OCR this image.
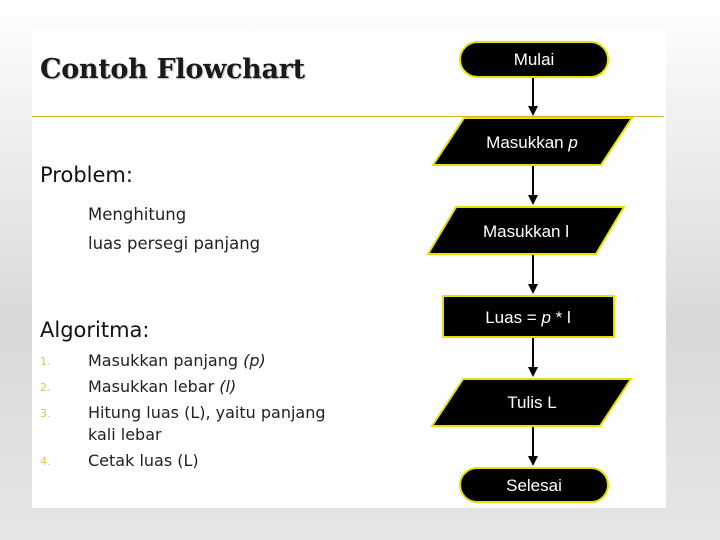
Contoh Flowchart
Problem:
Menghitung
luas persegi panjang
Algoritma:
1. Masukkan panjang (p)
2. Masukkan lebar (l)
3. Hitung luas (L), yaitu panjang kali lebar
4. Cetak luas (L)
Mulai
Masukkan p
Masukkan l
Luas = p * l
Tulis L
Selesai
